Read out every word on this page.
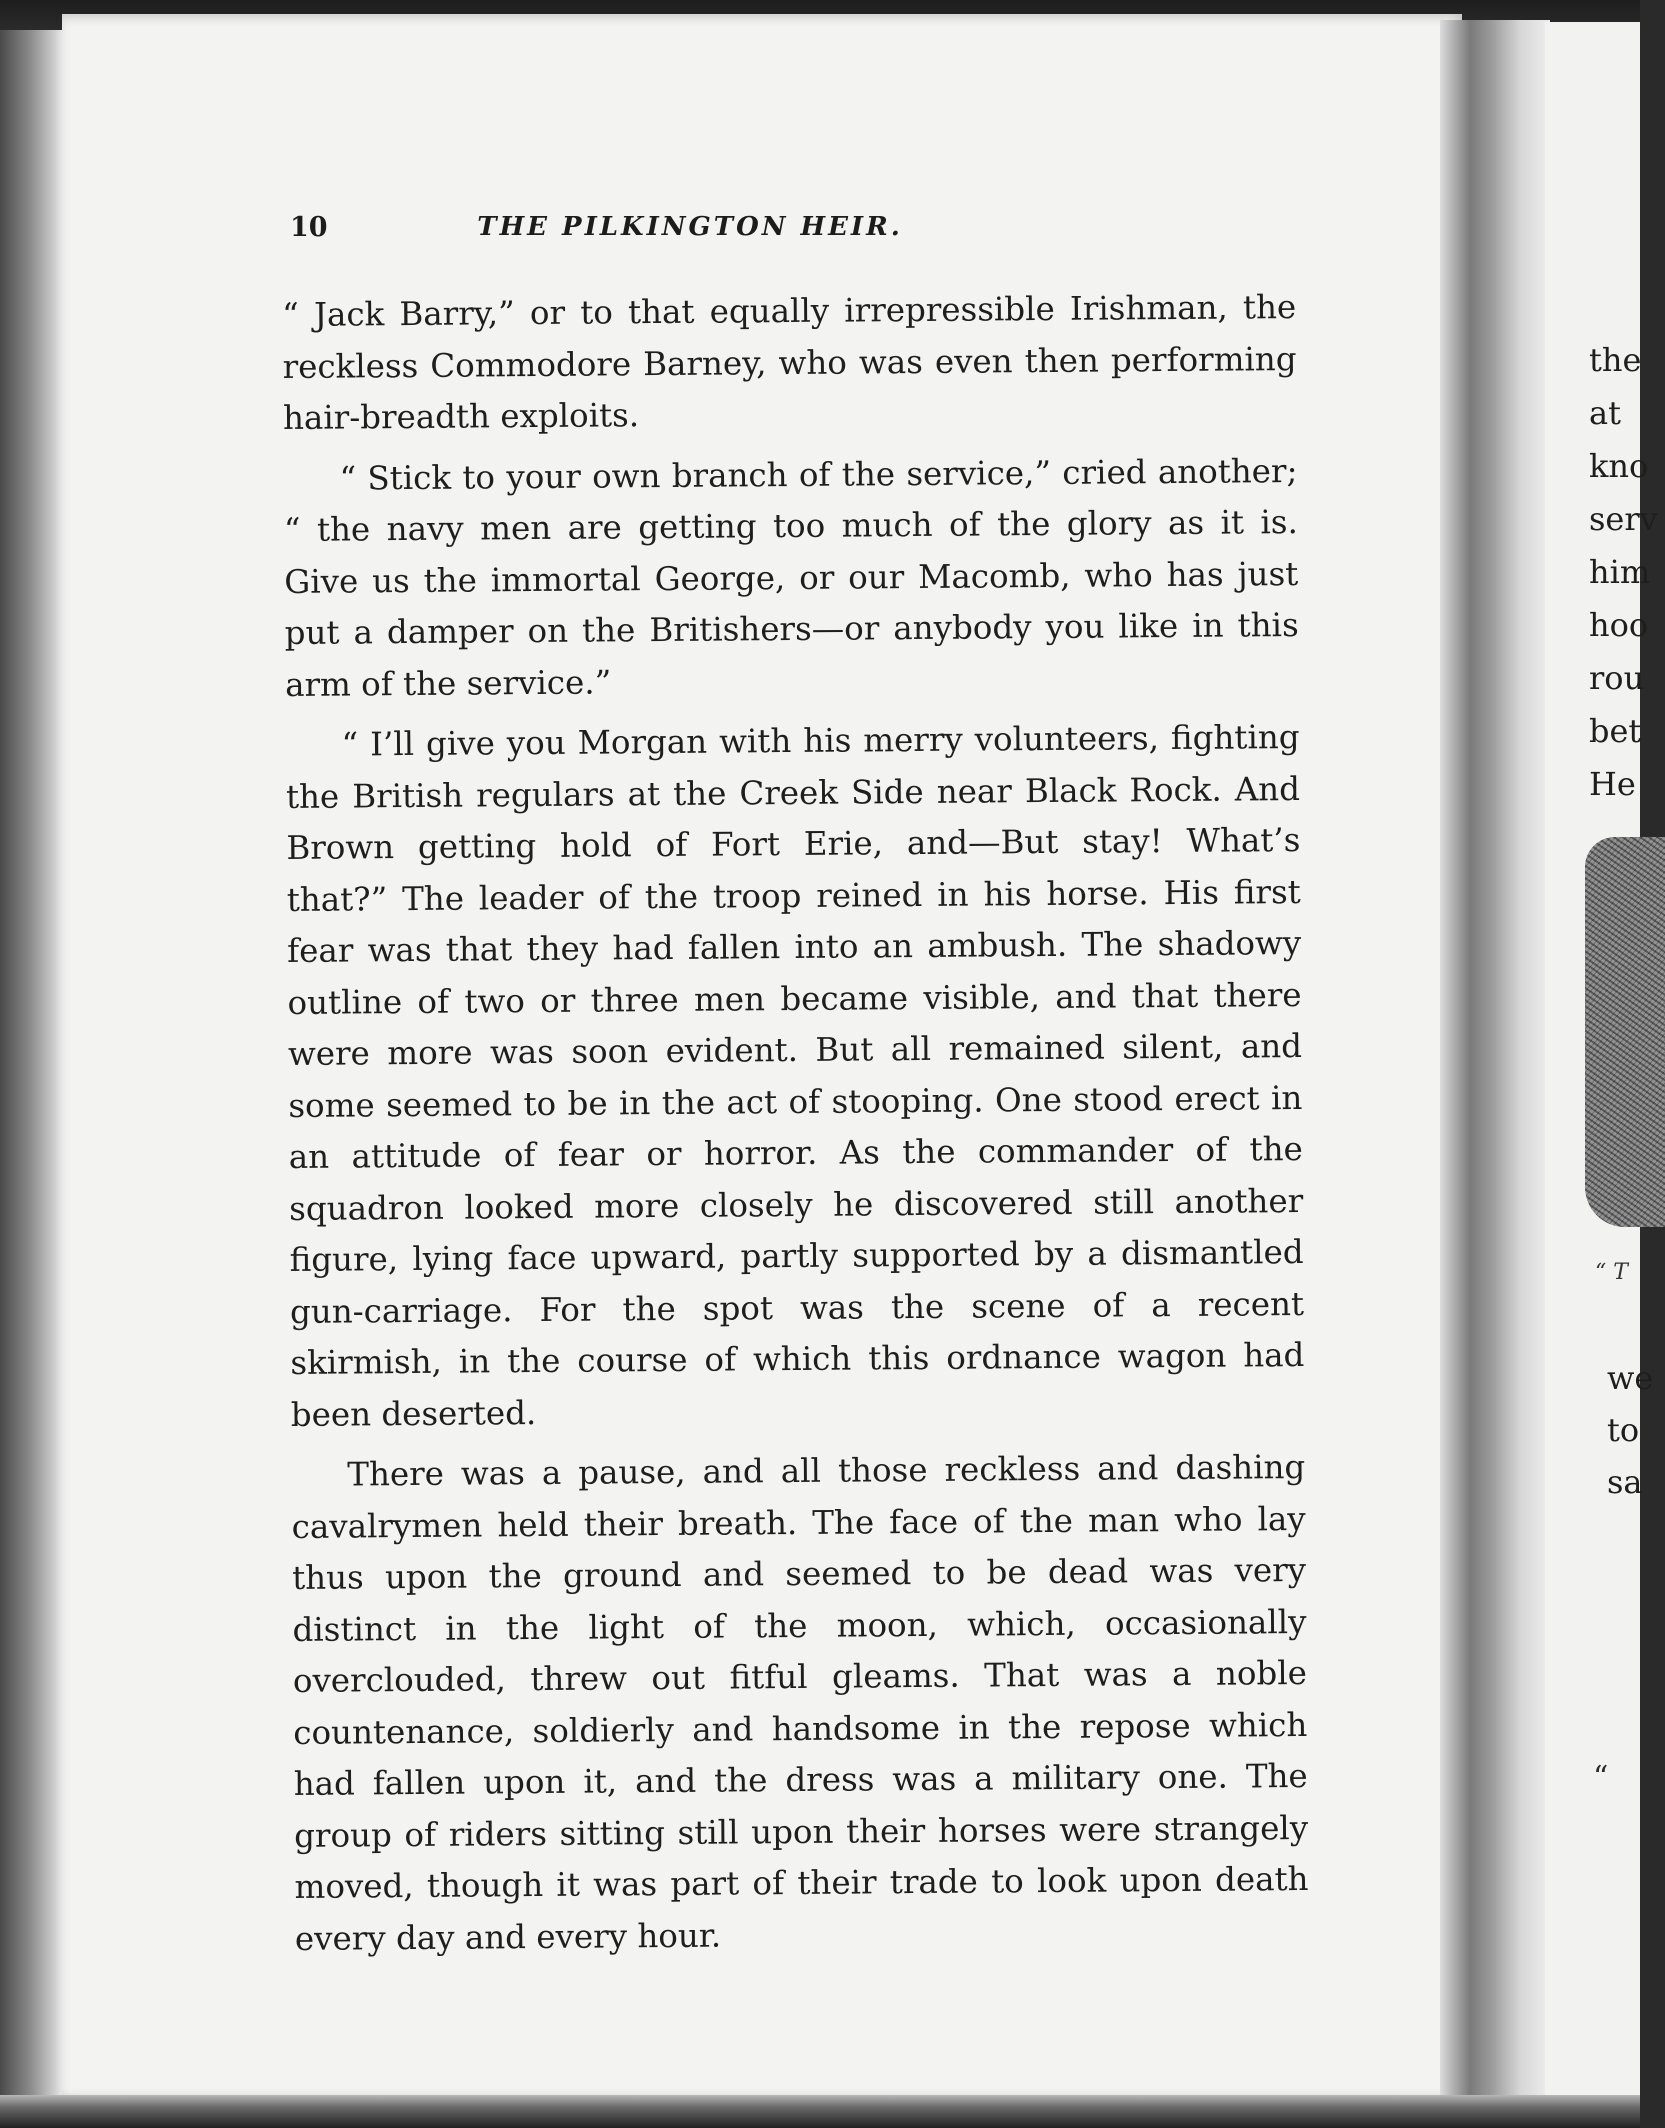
10	THE PILKINGTON HEIR.

“ Jack Barry,” or to that equally irrepressible Irishman, the reckless Commodore Barney, who was even then performing hair-breadth exploits.

“ Stick to your own branch of the service,” cried another; “ the navy men are getting too much of the glory as it is. Give us the immortal George, or our Macomb, who has just put a damper on the Britishers—or anybody you like in this arm of the service.”

“ I’ll give you Morgan with his merry volunteers, fighting the British regulars at the Creek Side near Black Rock. And Brown getting hold of Fort Erie, and—But stay! What’s that?” The leader of the troop reined in his horse. His first fear was that they had fallen into an ambush. The shadowy outline of two or three men became visible, and that there were more was soon evident. But all remained silent, and some seemed to be in the act of stooping. One stood erect in an attitude of fear or horror. As the commander of the squadron looked more closely he discovered still another figure, lying face upward, partly supported by a dismantled gun-carriage. For the spot was the scene of a recent skirmish, in the course of which this ordnance wagon had been deserted.

There was a pause, and all those reckless and dashing cavalrymen held their breath. The face of the man who lay thus upon the ground and seemed to be dead was very distinct in the light of the moon, which, occasionally overclouded, threw out fitful gleams. That was a noble countenance, soldierly and handsome in the repose which had fallen upon it, and the dress was a military one. The group of riders sitting still upon their horses were strangely moved, though it was part of their trade to look upon death every day and every hour.

the
at
kno
serv
him
hoo
rou
bet
He
“ T
we
to
sa
“
